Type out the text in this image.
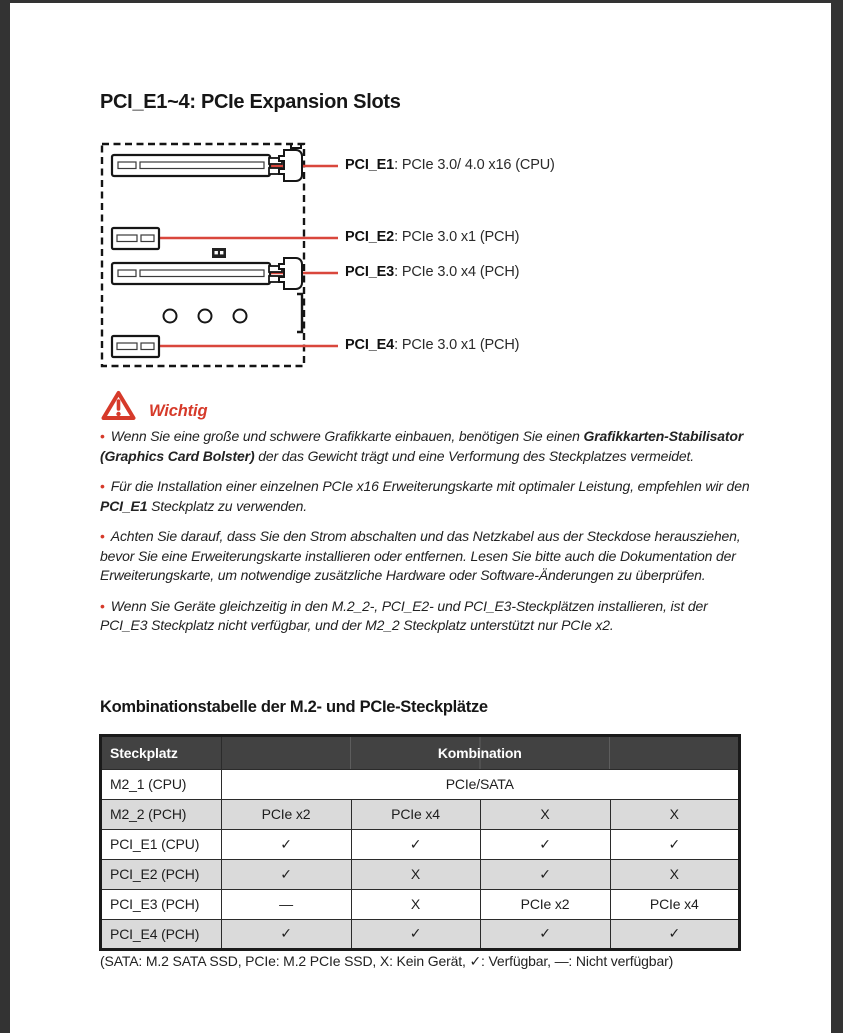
PCI_E1~4: PCIe Expansion Slots
PCI_E1: PCIe 3.0/ 4.0 x16 (CPU)
PCI_E2: PCIe 3.0 x1 (PCH)
PCI_E3: PCIe 3.0 x4 (PCH)
PCI_E4: PCIe 3.0 x1 (PCH)
Wichtig

• Wenn Sie eine große und schwere Grafikkarte einbauen, benötigen Sie einen Grafikkarten-Stabilisator (Graphics Card Bolster) der das Gewicht trägt und eine Verformung des Steckplatzes vermeidet.

• Für die Installation einer einzelnen PCIe x16 Erweiterungskarte mit optimaler Leistung, empfehlen wir den PCI_E1 Steckplatz zu verwenden.

• Achten Sie darauf, dass Sie den Strom abschalten und das Netzkabel aus der Steckdose herausziehen, bevor Sie eine Erweiterungskarte installieren oder entfernen. Lesen Sie bitte auch die Dokumentation der Erweiterungskarte, um notwendige zusätzliche Hardware oder Software-Änderungen zu überprüfen.

• Wenn Sie Geräte gleichzeitig in den M.2_2-, PCI_E2- und PCI_E3-Steckplätzen installieren, ist der PCI_E3 Steckplatz nicht verfügbar, und der M2_2 Steckplatz unterstützt nur PCIe x2.

Kombinationstabelle der M.2- und PCIe-Steckplätze
Steckplatz	Kombination			
M2_1 (CPU)	PCIe/SATA			
M2_2 (PCH)	PCIe x2	PCIe x4	X	X
PCI_E1 (CPU)	✓	✓	✓	✓
PCI_E2 (PCH)	✓	X	✓	X
PCI_E3 (PCH)	—	X	PCIe x2	PCIe x4
PCI_E4 (PCH)	✓	✓	✓	✓
(SATA: M.2 SATA SSD, PCIe: M.2 PCIe SSD, X: Kein Gerät, ✓: Verfügbar, —: Nicht verfügbar)
